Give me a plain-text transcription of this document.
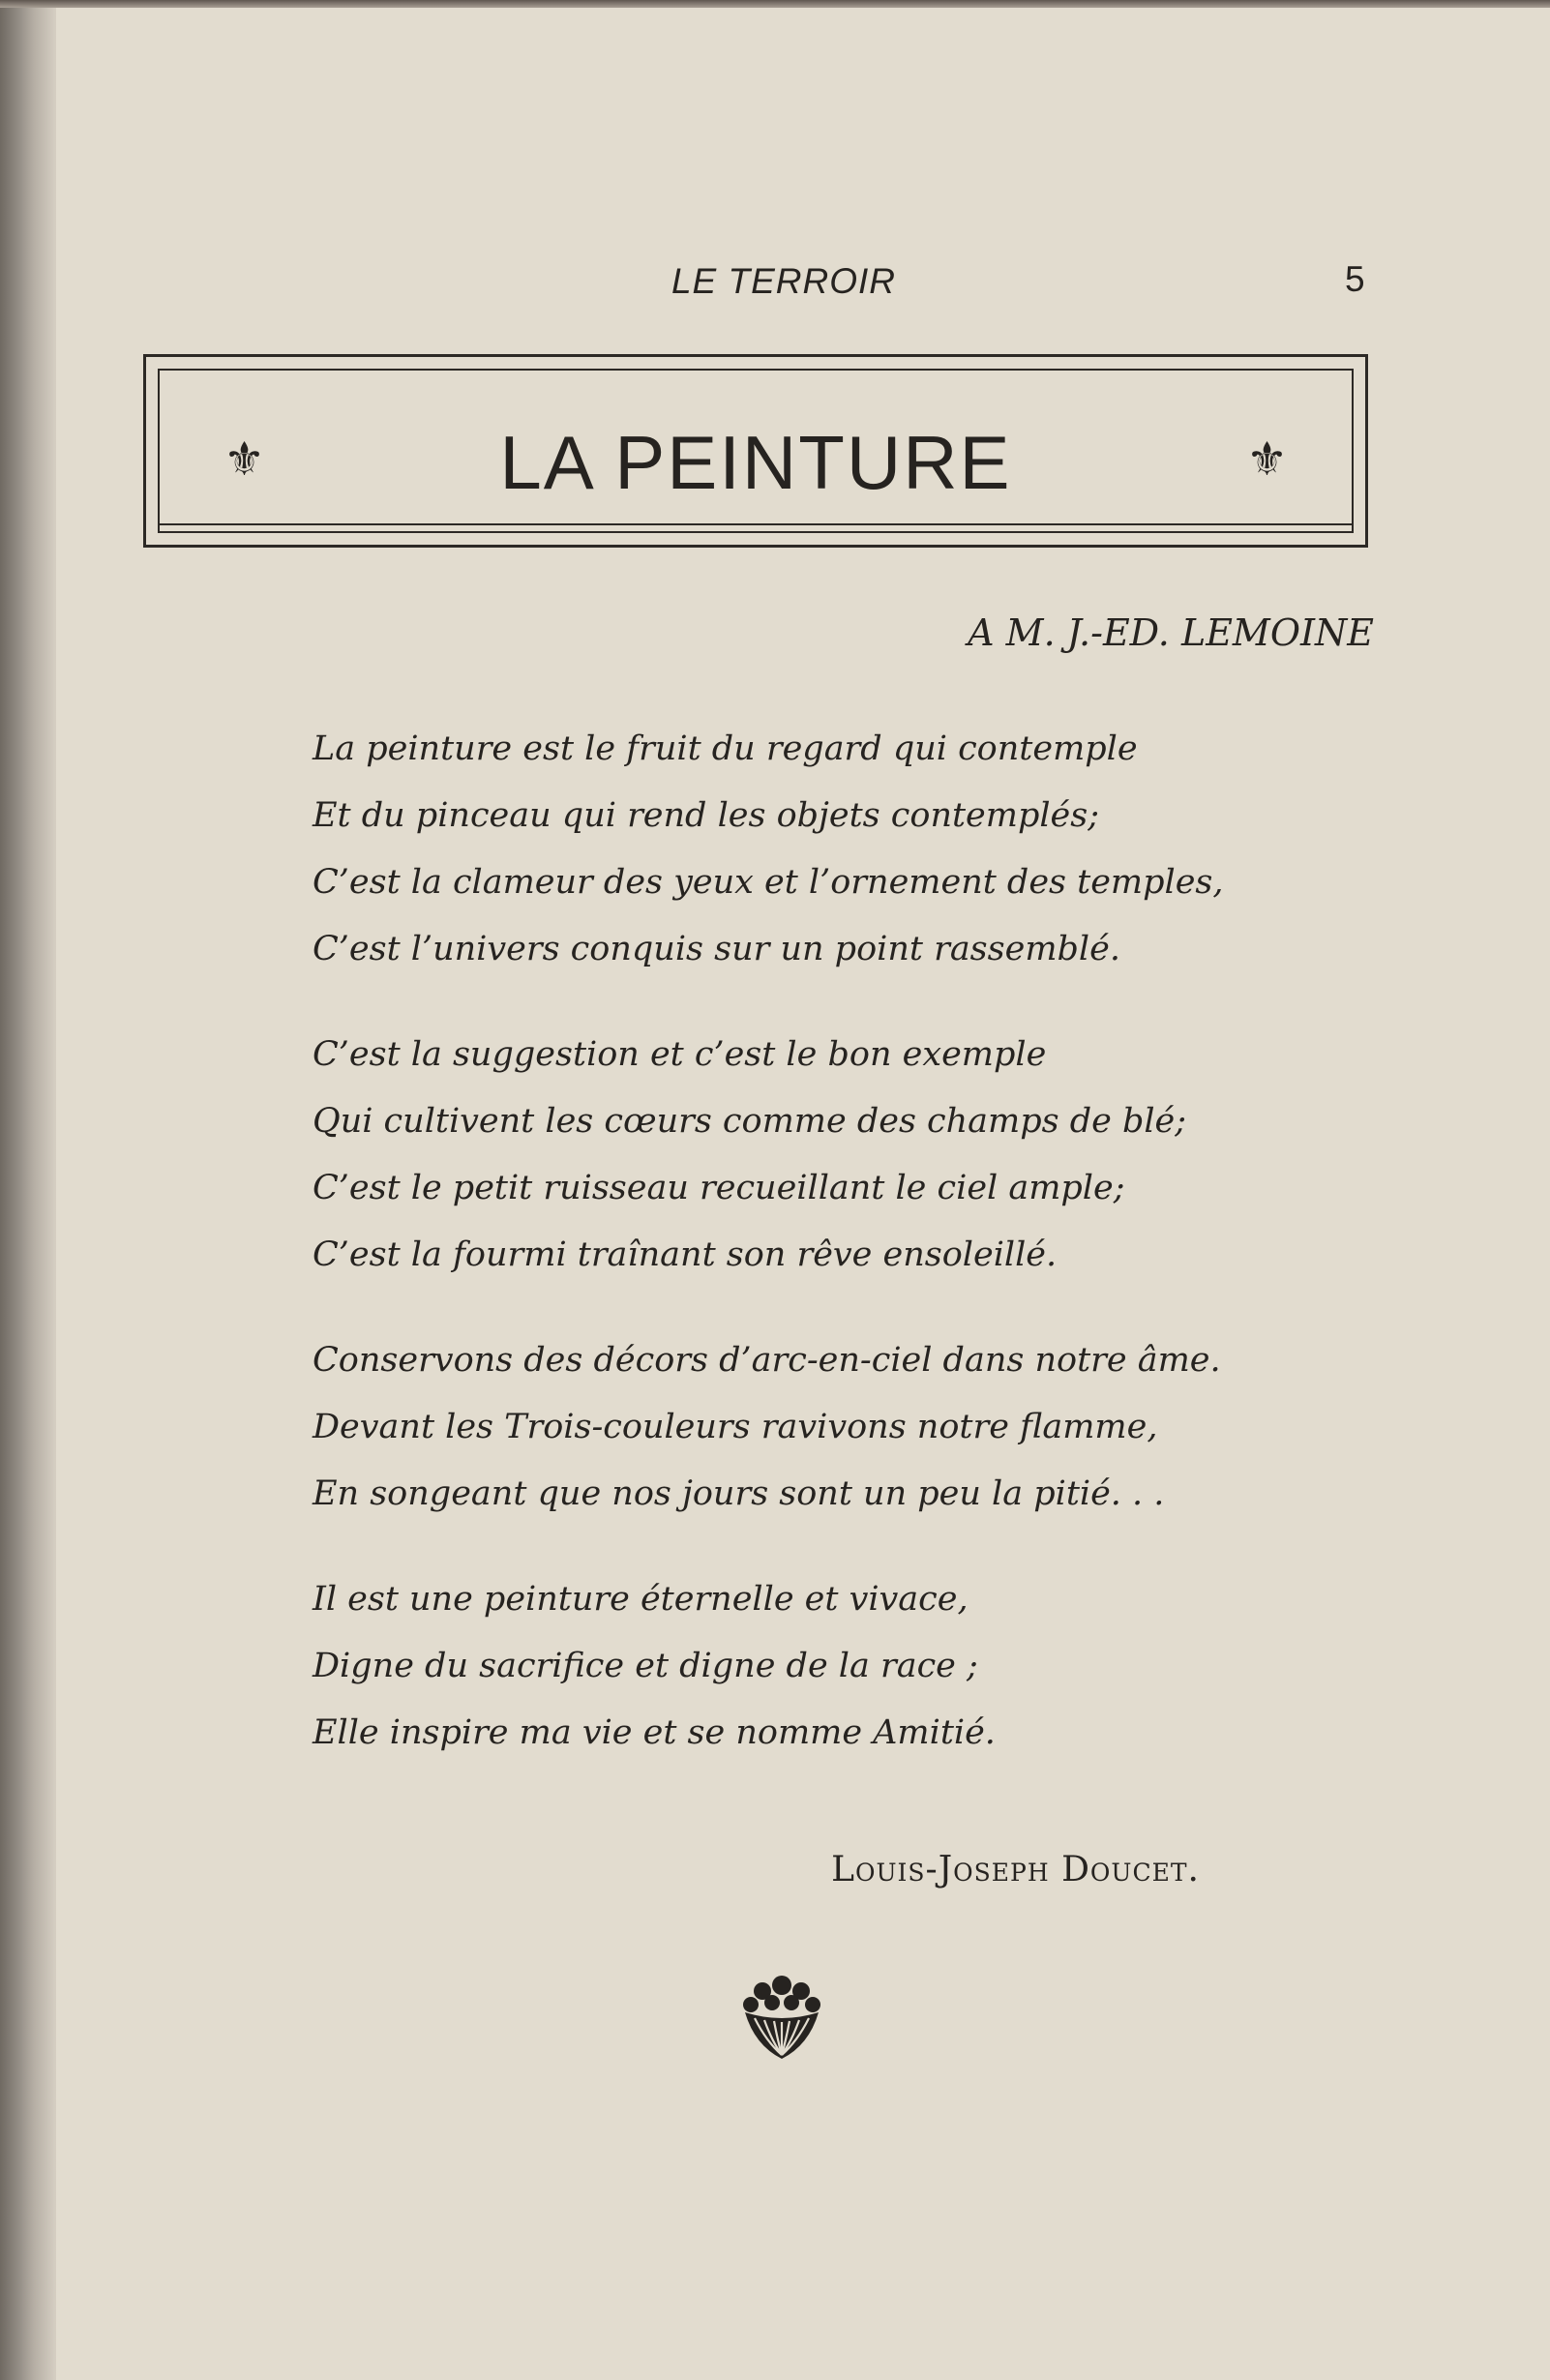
LE TERROIR	5
⚜	LA PEINTURE	⚜
A M. J.-ED. LEMOINE
La peinture est le fruit du regard qui contemple
Et du pinceau qui rend les objets contemplés;
C’est la clameur des yeux et l’ornement des temples,
C’est l’univers conquis sur un point rassemblé.
C’est la suggestion et c’est le bon exemple
Qui cultivent les cœurs comme des champs de blé;
C’est le petit ruisseau recueillant le ciel ample;
C’est la fourmi traînant son rêve ensoleillé.
Conservons des décors d’arc-en-ciel dans notre âme.
Devant les Trois-couleurs ravivons notre flamme,
En songeant que nos jours sont un peu la pitié. . .
Il est une peinture éternelle et vivace,
Digne du sacrifice et digne de la race ;
Elle inspire ma vie et se nomme Amitié.
Louis-Joseph Doucet.
